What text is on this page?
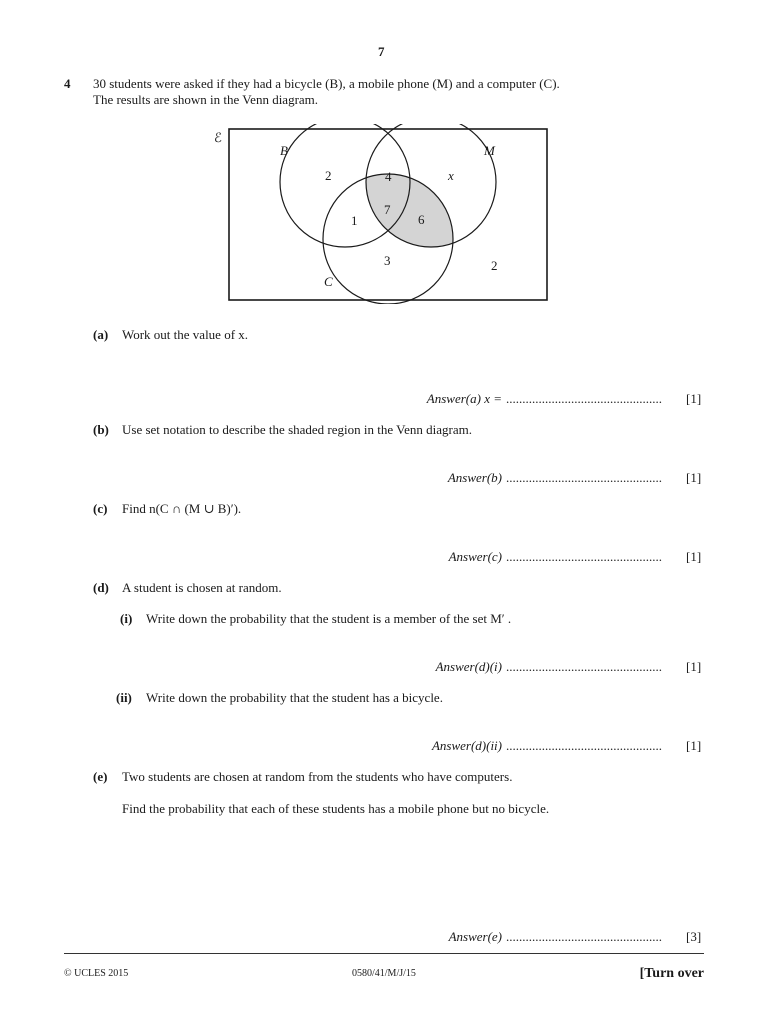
7
4 30 students were asked if they had a bicycle (B), a mobile phone (M) and a computer (C).
The results are shown in the Venn diagram.
ℰ
B	M
C
2	4	x
1
7
6
3	2
(a) Work out the value of x.
Answer(a) x = ................................................ [1]
(b) Use set notation to describe the shaded region in the Venn diagram.
Answer(b) ................................................ [1]
(c) Find n(C ∩ (M ∪ B)′).
Answer(c) ................................................ [1]
(d) A student is chosen at random.
(i) Write down the probability that the student is a member of the set M′ .
Answer(d)(i) ................................................ [1]
(ii) Write down the probability that the student has a bicycle.
Answer(d)(ii) ................................................ [1]
(e) Two students are chosen at random from the students who have computers.
Find the probability that each of these students has a mobile phone but no bicycle.
Answer(e) ................................................ [3]
© UCLES 2015	0580/41/M/J/15	[Turn over
